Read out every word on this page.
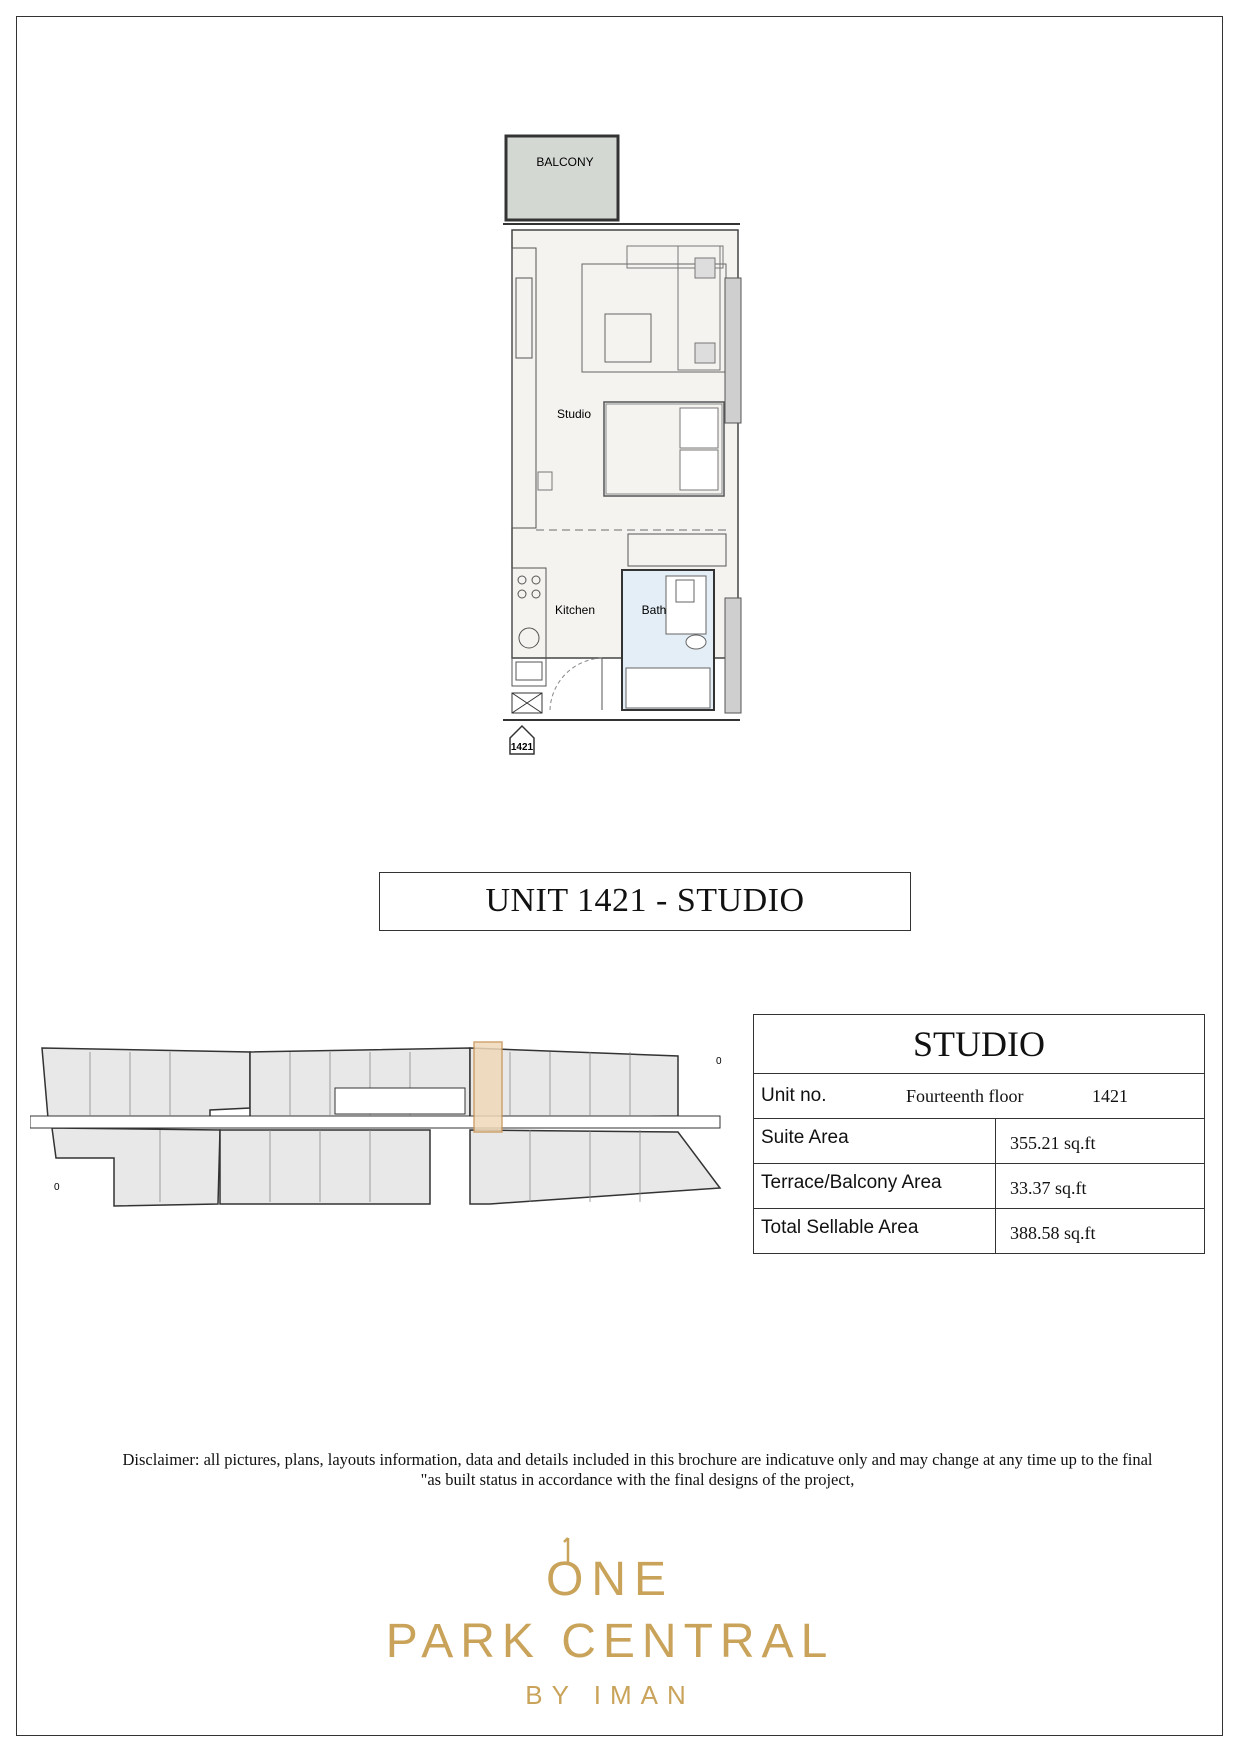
BALCONY
Studio
Kitchen	Bath
1421
UNIT 1421 - STUDIO
0
0
STUDIO
Unit no.	Fourteenth floor	1421
Suite Area	355.21 sq.ft
Terrace/Balcony Area	33.37 sq.ft
Total Sellable Area	388.58 sq.ft
Disclaimer: all pictures, plans, layouts information, data and details included in this brochure are indicatuve only and may change at any time up to the final
"as built status in accordance with the final designs of the project,
ONE
PARK CENTRAL
BY IMAN
